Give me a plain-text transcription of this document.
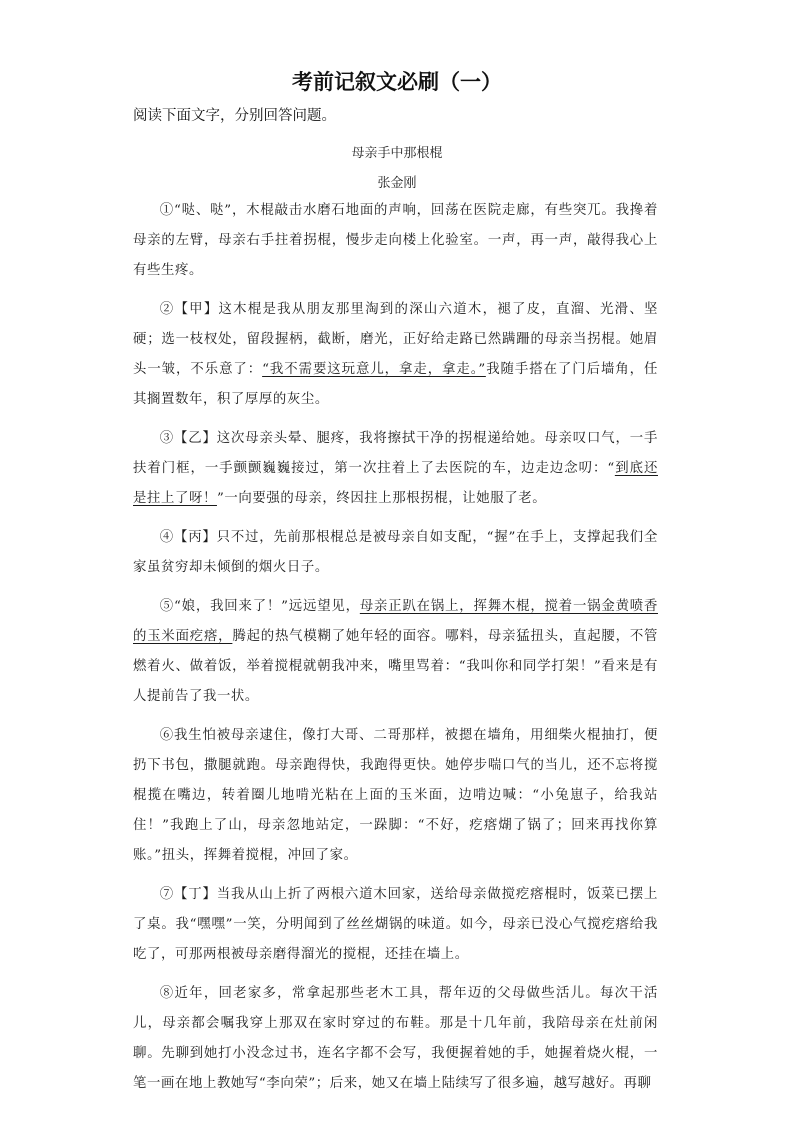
考前记叙文必刷（一）
阅读下面文字，分别回答问题。
母亲手中那根棍
张金刚

①“哒、哒”，木棍敲击水磨石地面的声响，回荡在医院走廊，有些突兀。我搀着母亲的左臂，母亲右手拄着拐棍，慢步走向楼上化验室。一声，再一声，敲得我心上有些生疼。

②【甲】这木棍是我从朋友那里淘到的深山六道木，褪了皮，直溜、光滑、坚硬；选一枝杈处，留段握柄，截断，磨光，正好给走路已然蹒跚的母亲当拐棍。她眉头一皱，不乐意了：“我不需要这玩意儿，拿走，拿走。”我随手搭在了门后墙角，任其搁置数年，积了厚厚的灰尘。

③【乙】这次母亲头晕、腿疼，我将擦拭干净的拐棍递给她。母亲叹口气，一手扶着门框，一手颤颤巍巍接过，第一次拄着上了去医院的车，边走边念叨：“到底还是拄上了呀！”一向要强的母亲，终因拄上那根拐棍，让她服了老。

④【丙】只不过，先前那根棍总是被母亲自如支配，“握”在手上，支撑起我们全家虽贫穷却未倾倒的烟火日子。

⑤“娘，我回来了！”远远望见，母亲正趴在锅上，挥舞木棍，搅着一锅金黄喷香的玉米面疙瘩，腾起的热气模糊了她年轻的面容。哪料，母亲猛扭头，直起腰，不管燃着火、做着饭，举着搅棍就朝我冲来，嘴里骂着：“我叫你和同学打架！”看来是有人提前告了我一状。

⑥我生怕被母亲逮住，像打大哥、二哥那样，被摁在墙角，用细柴火棍抽打，便扔下书包，撒腿就跑。母亲跑得快，我跑得更快。她停步喘口气的当儿，还不忘将搅棍揽在嘴边，转着圈儿地啃光粘在上面的玉米面，边啃边喊：“小兔崽子，给我站住！”我跑上了山，母亲忽地站定，一跺脚：“不好，疙瘩煳了锅了；回来再找你算账。”扭头，挥舞着搅棍，冲回了家。

⑦【丁】当我从山上折了两根六道木回家，送给母亲做搅疙瘩棍时，饭菜已摆上了桌。我“嘿嘿”一笑，分明闻到了丝丝煳锅的味道。如今，母亲已没心气搅疙瘩给我吃了，可那两根被母亲磨得溜光的搅棍，还挂在墙上。

⑧近年，回老家多，常拿起那些老木工具，帮年迈的父母做些活儿。每次干活儿，母亲都会嘱我穿上那双在家时穿过的布鞋。那是十几年前，我陪母亲在灶前闲聊。先聊到她打小没念过书，连名字都不会写，我便握着她的手，她握着烧火棍，一笔一画在地上教她写“李向荣”；后来，她又在墙上陆续写了很多遍，越写越好。再聊
